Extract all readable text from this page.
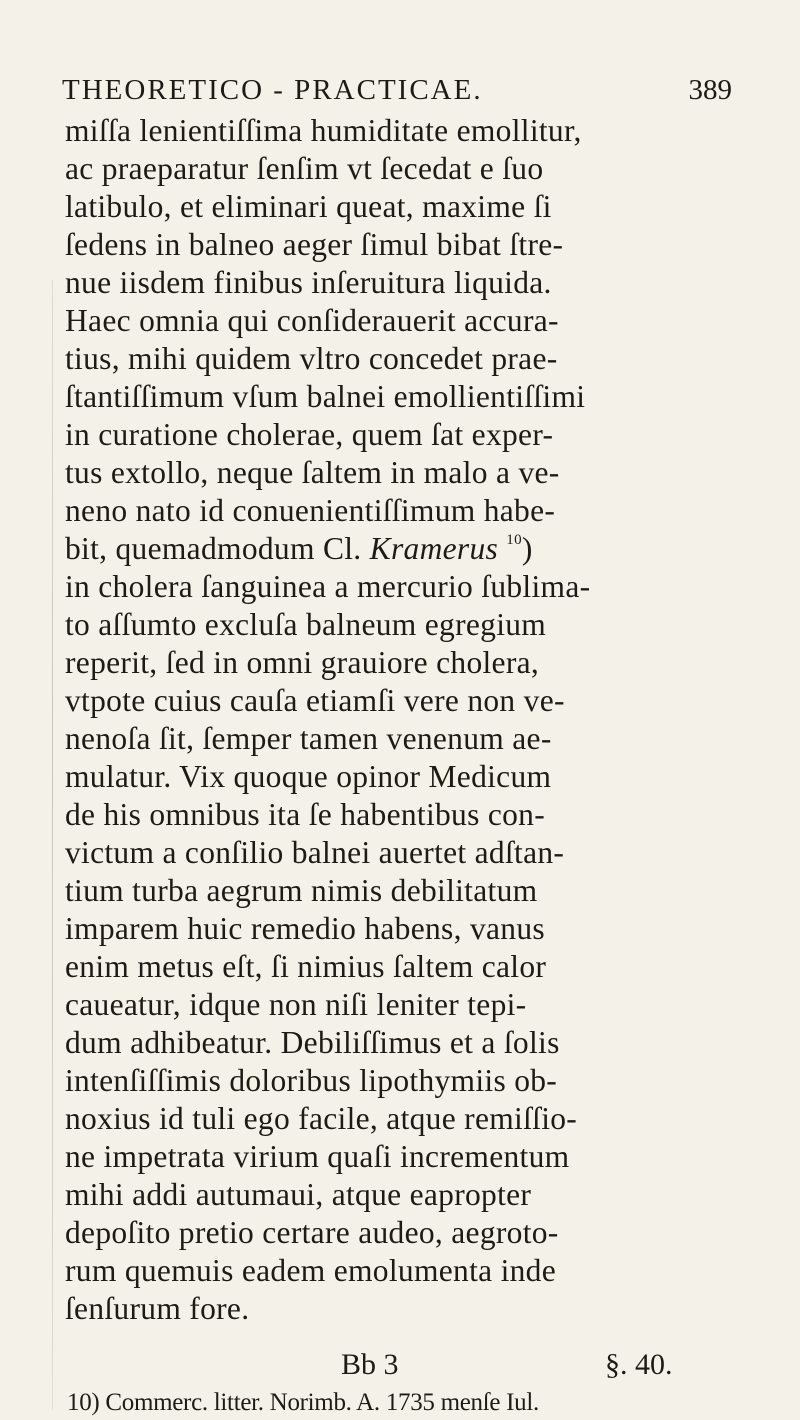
THEORETICO - PRACTICAE.	389
miſſa lenientiſſima humiditate emollitur,
ac praeparatur ſenſim vt ſecedat e ſuo
latibulo, et eliminari queat, maxime ſi
ſedens in balneo aeger ſimul bibat ſtre-
nue iisdem finibus inſeruitura liquida.
Haec omnia qui conſiderauerit accura-
tius, mihi quidem vltro concedet prae-
ſtantiſſimum vſum balnei emollientiſſimi
in curatione cholerae, quem ſat exper-
tus extollo, neque ſaltem in malo a ve-
neno nato id conuenientiſſimum habe-
bit, quemadmodum Cl. Kramerus $^{10}$)
in cholera ſanguinea a mercurio ſublima-
to aſſumto excluſa balneum egregium
reperit, ſed in omni grauiore cholera,
vtpote cuius cauſa etiamſi vere non ve-
nenoſa ſit, ſemper tamen venenum ae-
mulatur. Vix quoque opinor Medicum
de his omnibus ita ſe habentibus con-
victum a conſilio balnei auertet adſtan-
tium turba aegrum nimis debilitatum
imparem huic remedio habens, vanus
enim metus eſt, ſi nimius ſaltem calor
caueatur, idque non niſi leniter tepi-
dum adhibeatur. Debiliſſimus et a ſolis
intenſiſſimis doloribus lipothymiis ob-
noxius id tuli ego facile, atque remiſſio-
ne impetrata virium quaſi incrementum
mihi addi autumaui, atque eapropter
depoſito pretio certare audeo, aegroto-
rum quemuis eadem emolumenta inde
ſenſurum fore.
Bb 3	§. 40.
10) Commerc. litter. Norimb. A. 1735 menſe Iul.
